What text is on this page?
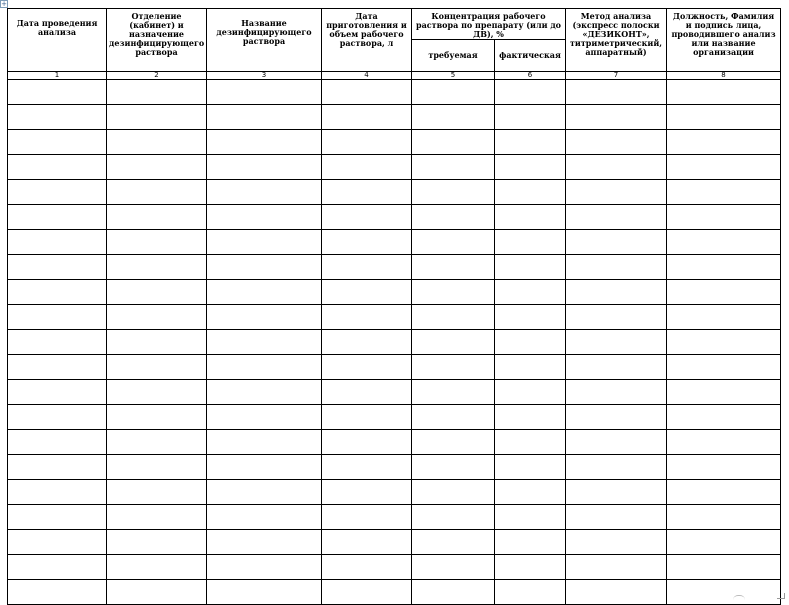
+
Дата проведения анализа	Отделение (кабинет) и назначение дезинфицирующего раствора	Название дезинфицирующего раствора	Дата приготовления и объем рабочего раствора, л	Концентрация рабочего раствора по препарату (или до ДВ), %		Метод анализа (экспресс полоски «ДЕЗИКОНТ», титриметрический, аппаратный)	Должность, Фамилия и подпись лица, проводившего анализ или название организации
				требуемая	фактическая		
1	2	3	4	5	6	7	8
